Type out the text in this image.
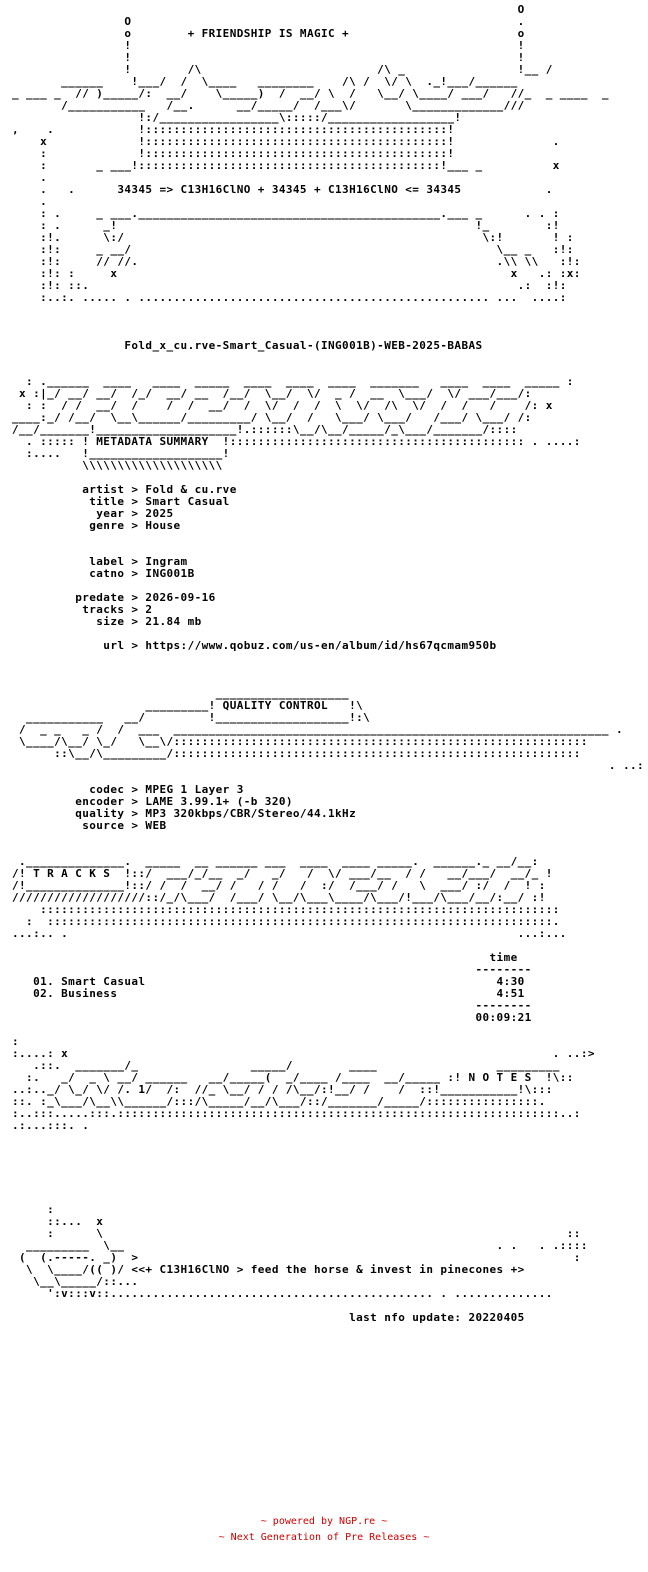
O
O                                                       .
o        + FRIENDSHIP IS MAGIC +                        o
!                                                       !
!                                                       !
!        /\                         /\ _                !__ /
______    !___/  /  \____   ________    /\ /  \/ \  ._!___/______
_ ___ _  // )_____/:  __/    \_____)  /  __/ \  /   \__/ \____/ ___/   //_  _ ____  _
/___________   /__.      __/_____/  /___\/       \_____________///
!:/_________________\:::::/__________________!
,    .            !:::::::::::::::::::::::::::::::::::::::::::!
x             !:::::::::::::::::::::::::::::::::::::::::::!              .
:             !:::::::::::::::::::::::::::::::::::::::::::!
:       _ ___!:::::::::::::::::::::::::::::::::::::::::::!___ _          x
.
.   .      34345 => C13H16ClNO + 34345 + C13H16ClNO <= 34345            .
.
: .     _ ___.___________________________________________.___ _      . . :
: .      _!                                                   !_        :!
:!.      \:/                                                   \:!       ! :
:!:     _ __/                                                    \__ _   :!:
:!:     // //.                                                   .\\ \\   :!:
:!: :     x                                                        x   .: :x:
:!: ::.                                                             .:  :!:
:..:. ..... . .................................................. ...  ....:

Fold_x_cu.rve-Smart_Casual-(ING001B)-WEB-2025-BABAS

: .______  ____   ____  _____  ____  ____  ____  _______   ____  ____  _____ :
x :|_/ __/ __/  /_/  __/ __  /__/  \__/  \/  _ /  __  \___/  \/ ___/___/:
: :  / /  __/  /    /  /  __/  /  \/  /  /  \  \/  /\  \/  /  /   /    /: x
____:_/ /__/  \__\______/_________/ \__/  /   \___/ \___/   /___/ \___/ /:
/__/_______!____________________!.::::::\__/\__/_____/_\___/_______/::::
. ::::: ! METADATA SUMMARY  !:::::::::::::::::::::::::::::::::::::::::: . ....:
:....   !___________________!
\\\\\\\\\\\\\\\\\\\\

artist > Fold & cu.rve
title > Smart Casual
year > 2025
genre > House

label > Ingram
catno > ING001B

predate > 2026-09-16
tracks > 2
size > 21.84 mb

url > https://www.qobuz.com/us-en/album/id/hs67qcmam950b

___________________
_________! QUALITY CONTROL   !\
___________   __/         !___________________!:\
/  _ _   _ /  /  ___  ______________________________________________________________ .
\____/\__/ \_/   \__\/:::::::::::::::::::::::::::::::::::::::::::::::::::::::::::
::\__/\_________/::::::::::::::::::::::::::::::::::::::::::::::::::::::::::
. ..:

codec > MPEG 1 Layer 3
encoder > LAME 3.99.1+ (-b 320)
quality > MP3 320kbps/CBR/Stereo/44.1kHz
source > WEB

.______________.  _____  __ ______ ___  ____  ____ _____.  ______._ __/__:
/! T R A C K S  !::/  ___/_/__  _/   _/   /  \/ ___/__  / /   __/___/  __/_ !
/!______________!::/ /  /  __/ /   / /   /  :/  /___/ /   \  ___/ :/  /  ! :
///////////////////::/_/\___/  /___/ \__/\___\____/\___/!___/\___/__/:__/ :!
::::::::::::::::::::::::::::::::::::::::::::::::::::::::::::::::::::::::::
:  ::::::::::::::::::::::::::::::::::::::::::::::::::::::::::::::::::::::::.
...:.. .                                                                ...:...

time
--------
01. Smart Casual                                                  4:30
02. Business                                                      4:51
--------
00:09:21

:
:....: x                                                                     . ..:>
.::.  _______/_                _____/        ____                 _________
:.   _/  _ \ __/ ______   __/_____(  _/____ /____  __/_____ :! N O T E S  !\::
..:.._/ \_/ \/ /. 1/  /:  //_ \__/ / / /\__/:!__/ /    /  ::!___________!\:::
::. :_\___/\__\\______/:::/\_____/__/\___/::/_______/_____/::::::::::::::::.
:..:::.....:::.:::::::::::::::::::::::::::::::::::::::::::::::::::::::::::::::..:
.:...:::. .

:
::...  x
:      \                                                                  ::
_________  \__                                                     . .   . .::::
(  (.-----. _)  >                                                              :
\  \____/(( )/ <<+ C13H16ClNO > feed the horse & invest in pinecones +>
\__\_____/::...
':v:::v::.............................................. . ..............

last nfo update: 20220405
~ powered by NGP.re ~
~ Next Generation of Pre Releases ~
